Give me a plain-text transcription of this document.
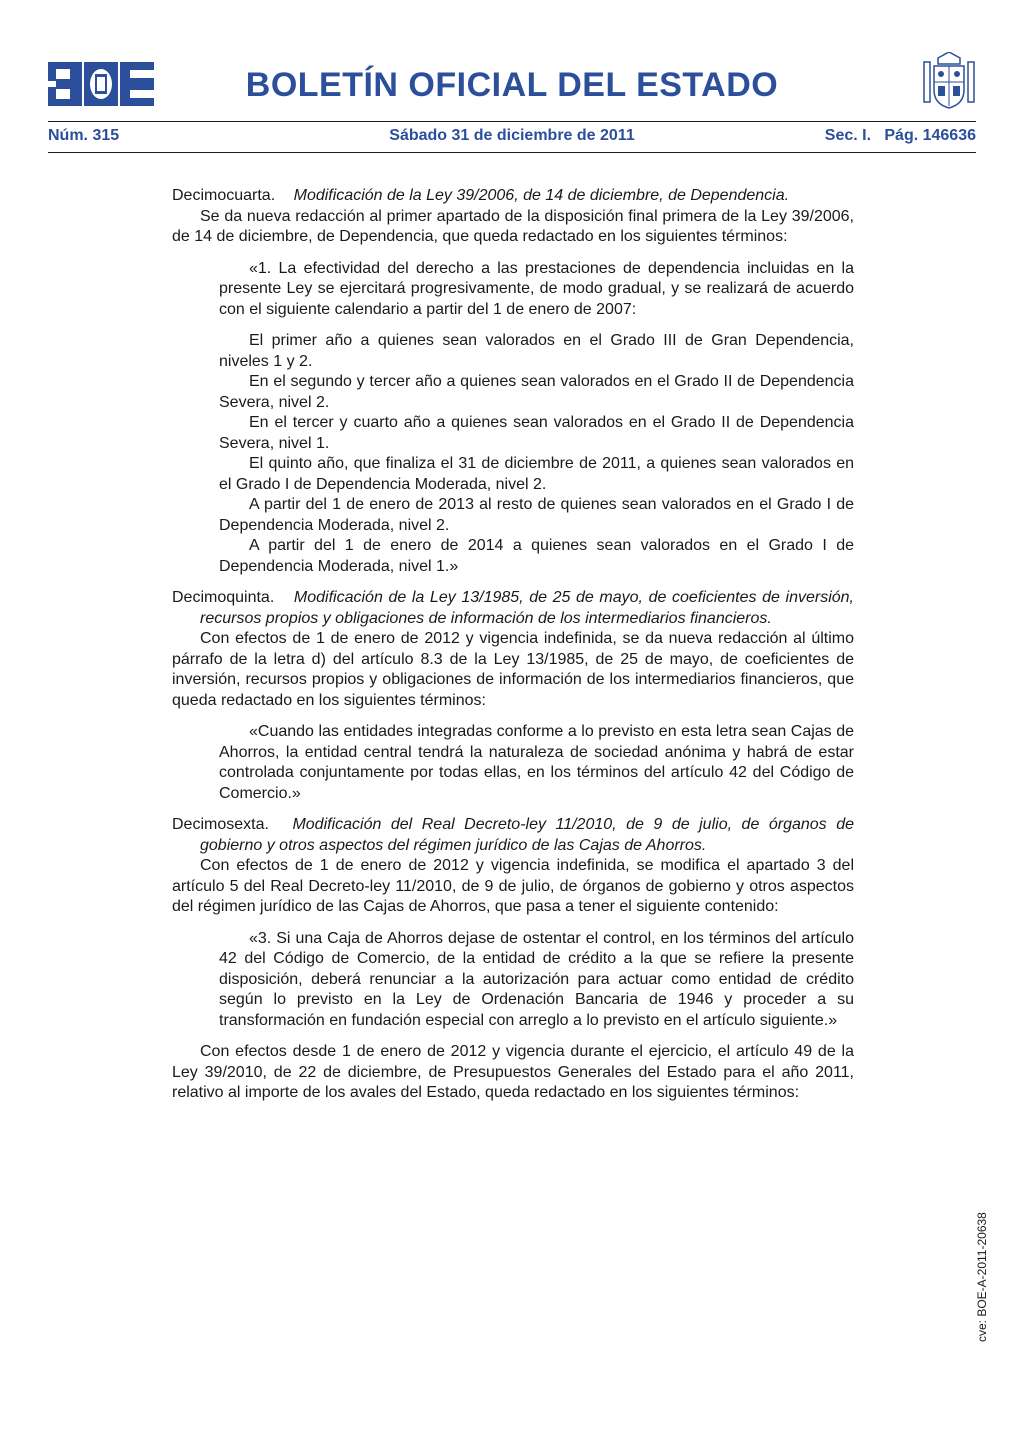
BOLETÍN OFICIAL DEL ESTADO
Núm. 315	Sábado 31 de diciembre de 2011	Sec. I.   Pág. 146636

Decimocuarta. Modificación de la Ley 39/2006, de 14 de diciembre, de Dependencia.

Se da nueva redacción al primer apartado de la disposición final primera de la Ley 39/2006, de 14 de diciembre, de Dependencia, que queda redactado en los siguientes términos:

«1. La efectividad del derecho a las prestaciones de dependencia incluidas en la presente Ley se ejercitará progresivamente, de modo gradual, y se realizará de acuerdo con el siguiente calendario a partir del 1 de enero de 2007:

El primer año a quienes sean valorados en el Grado III de Gran Dependencia, niveles 1 y 2.

En el segundo y tercer año a quienes sean valorados en el Grado II de Dependencia Severa, nivel 2.

En el tercer y cuarto año a quienes sean valorados en el Grado II de Dependencia Severa, nivel 1.

El quinto año, que finaliza el 31 de diciembre de 2011, a quienes sean valorados en el Grado I de Dependencia Moderada, nivel 2.

A partir del 1 de enero de 2013 al resto de quienes sean valorados en el Grado I de Dependencia Moderada, nivel 2.

A partir del 1 de enero de 2014 a quienes sean valorados en el Grado I de Dependencia Moderada, nivel 1.»

Decimoquinta. Modificación de la Ley 13/1985, de 25 de mayo, de coeficientes de inversión, recursos propios y obligaciones de información de los intermediarios financieros.

Con efectos de 1 de enero de 2012 y vigencia indefinida, se da nueva redacción al último párrafo de la letra d) del artículo 8.3 de la Ley 13/1985, de 25 de mayo, de coeficientes de inversión, recursos propios y obligaciones de información de los intermediarios financieros, que queda redactado en los siguientes términos:

«Cuando las entidades integradas conforme a lo previsto en esta letra sean Cajas de Ahorros, la entidad central tendrá la naturaleza de sociedad anónima y habrá de estar controlada conjuntamente por todas ellas, en los términos del artículo 42 del Código de Comercio.»

Decimosexta. Modificación del Real Decreto-ley 11/2010, de 9 de julio, de órganos de gobierno y otros aspectos del régimen jurídico de las Cajas de Ahorros.

Con efectos de 1 de enero de 2012 y vigencia indefinida, se modifica el apartado 3 del artículo 5 del Real Decreto-ley 11/2010, de 9 de julio, de órganos de gobierno y otros aspectos del régimen jurídico de las Cajas de Ahorros, que pasa a tener el siguiente contenido:

«3. Si una Caja de Ahorros dejase de ostentar el control, en los términos del artículo 42 del Código de Comercio, de la entidad de crédito a la que se refiere la presente disposición, deberá renunciar a la autorización para actuar como entidad de crédito según lo previsto en la Ley de Ordenación Bancaria de 1946 y proceder a su transformación en fundación especial con arreglo a lo previsto en el artículo siguiente.»

Con efectos desde 1 de enero de 2012 y vigencia durante el ejercicio, el artículo 49 de la Ley 39/2010, de 22 de diciembre, de Presupuestos Generales del Estado para el año 2011, relativo al importe de los avales del Estado, queda redactado en los siguientes términos:

cve: BOE-A-2011-20638
